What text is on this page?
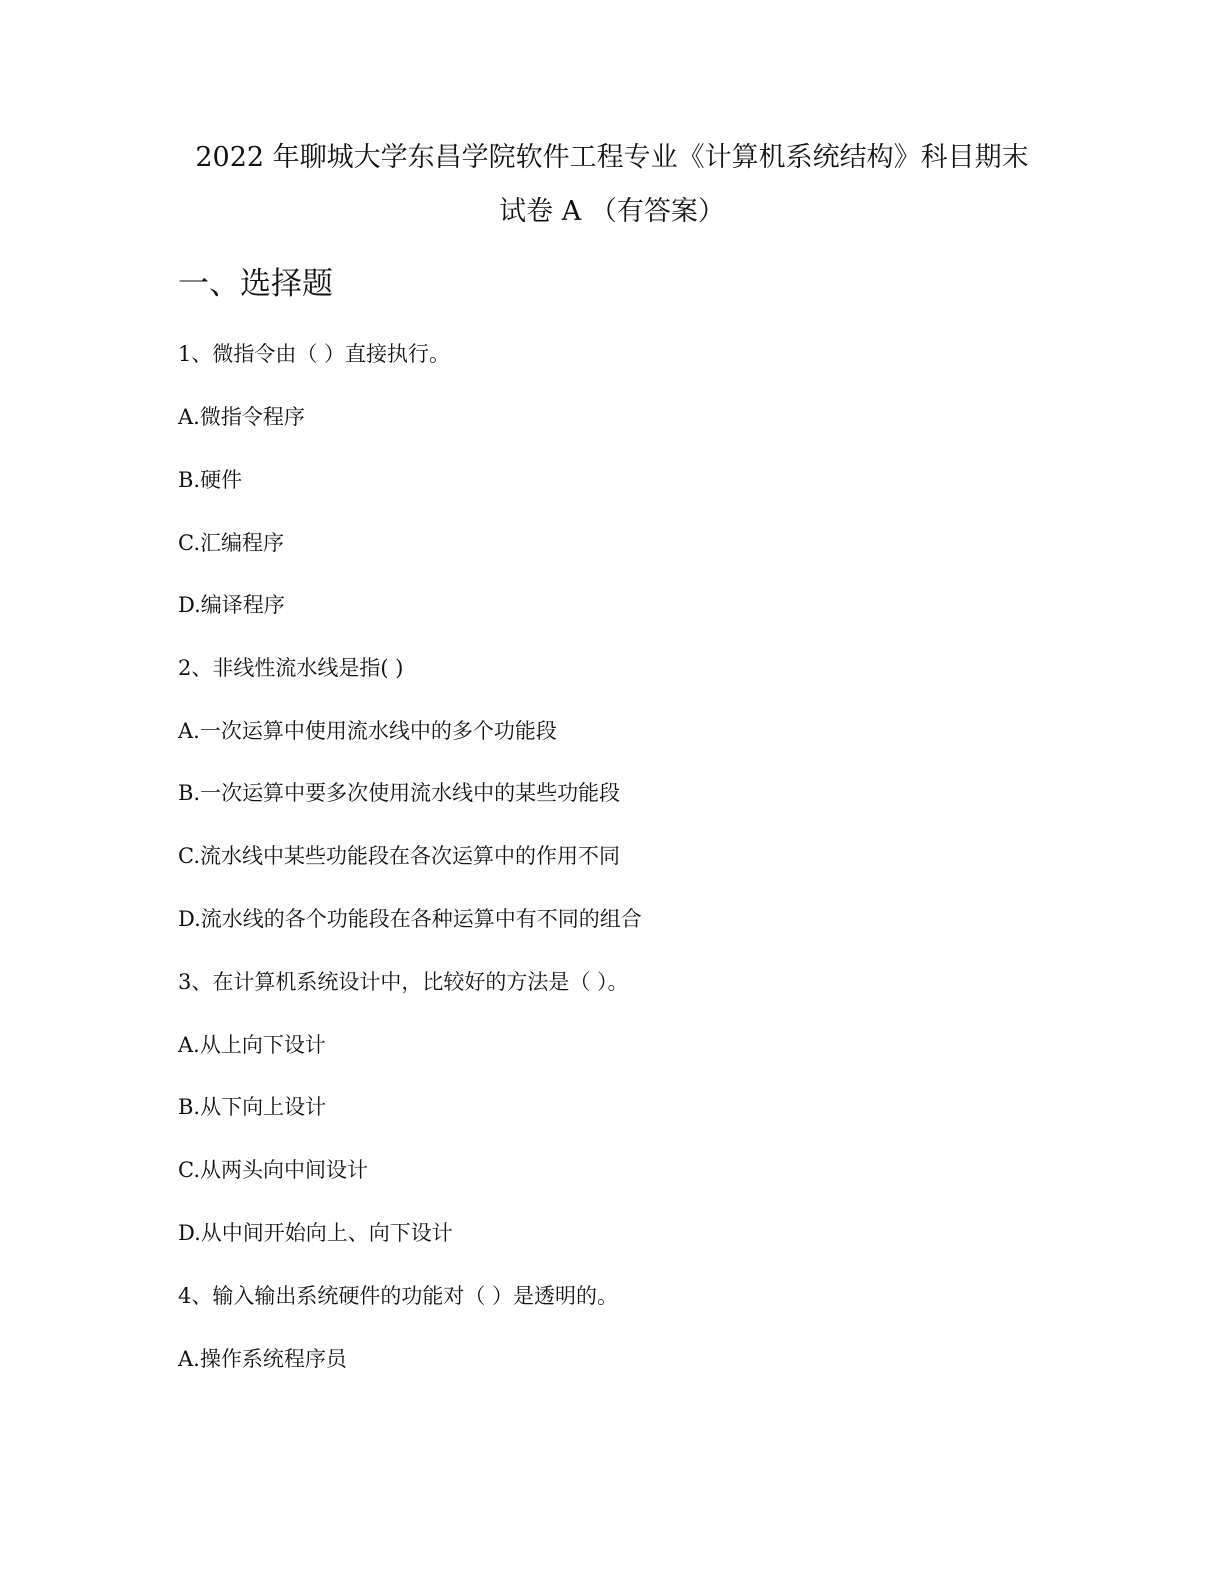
2022 年聊城大学东昌学院软件工程专业《计算机系统结构》科目期末
试卷 A （有答案）
一、选择题
1、微指令由（ ）直接执行。
A.微指令程序
B.硬件
C.汇编程序
D.编译程序
2、非线性流水线是指( )
A.一次运算中使用流水线中的多个功能段
B.一次运算中要多次使用流水线中的某些功能段
C.流水线中某些功能段在各次运算中的作用不同
D.流水线的各个功能段在各种运算中有不同的组合
3、在计算机系统设计中，比较好的方法是（ ）。
A.从上向下设计
B.从下向上设计
C.从两头向中间设计
D.从中间开始向上、向下设计
4、输入输出系统硬件的功能对（ ）是透明的。
A.操作系统程序员
